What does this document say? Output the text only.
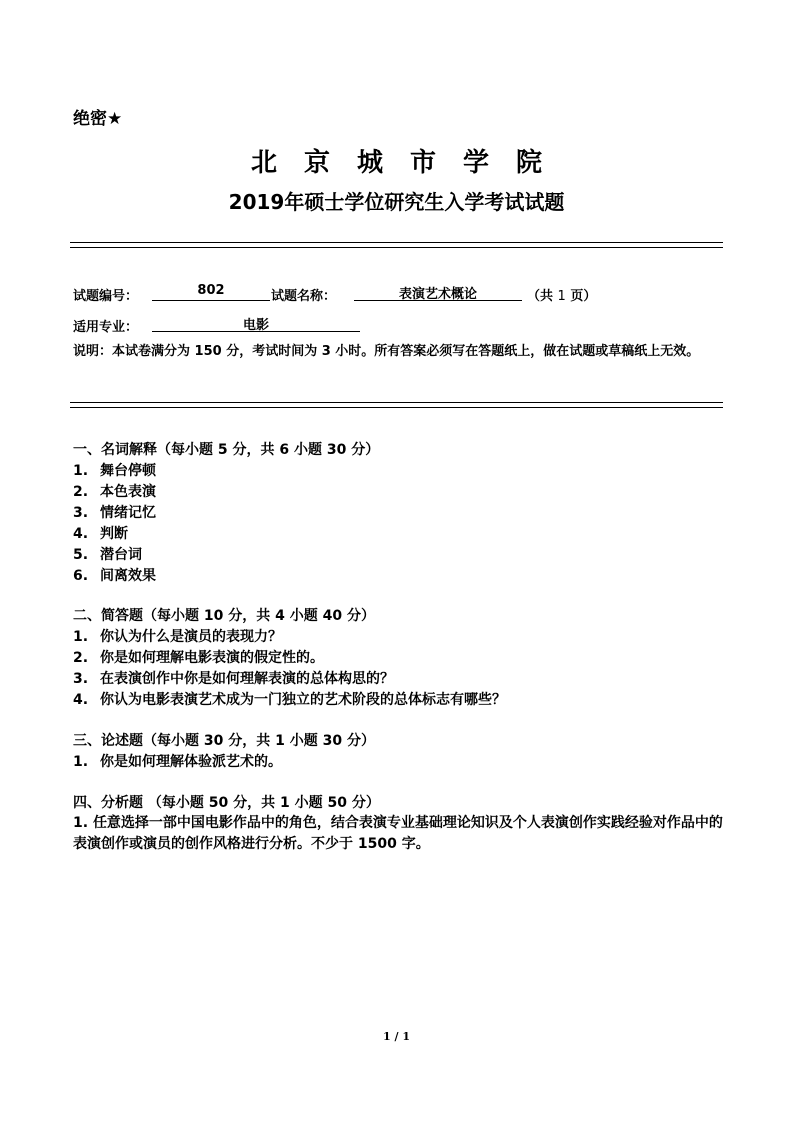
绝密★
北京城市学院
2019年硕士学位研究生入学考试试题
试题编号：	802	试题名称：	表演艺术概论	（共 1 页）
适用专业：	电影
说明：本试卷满分为 150 分，考试时间为 3 小时。所有答案必须写在答题纸上，做在试题或草稿纸上无效。
一、名词解释（每小题 5 分，共 6 小题 30 分）
1. 舞台停顿
2. 本色表演
3. 情绪记忆
4. 判断
5. 潜台词
6. 间离效果
二、简答题（每小题 10 分，共 4 小题 40 分）
1. 你认为什么是演员的表现力？
2. 你是如何理解电影表演的假定性的。
3. 在表演创作中你是如何理解表演的总体构思的？
4. 你认为电影表演艺术成为一门独立的艺术阶段的总体标志有哪些？
三、论述题（每小题 30 分，共 1 小题 30 分）
1. 你是如何理解体验派艺术的。
四、分析题 （每小题 50 分，共 1 小题 50 分）
1. 任意选择一部中国电影作品中的角色，结合表演专业基础理论知识及个人表演创作实践经验对作品中的表演创作或演员的创作风格进行分析。不少于 1500 字。
1 / 1
